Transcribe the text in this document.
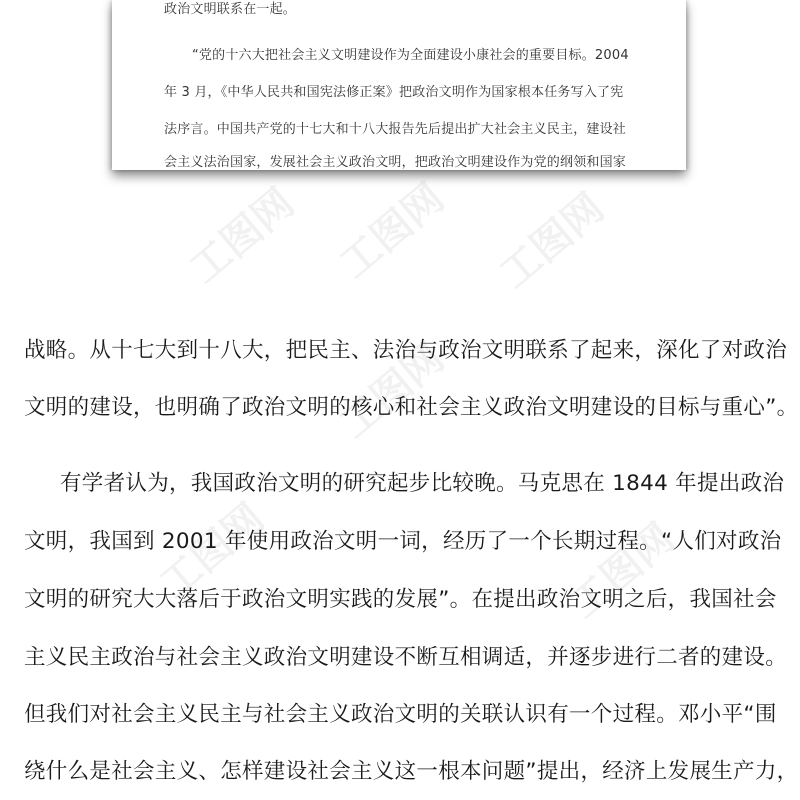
工图网 工图网 工图网
工图网
工图网	工图网
政治文明联系在一起。
“党的十六大把社会主义文明建设作为全面建设小康社会的重要目标。2004
年 3 月，《中华人民共和国宪法修正案》把政治文明作为国家根本任务写入了宪
法序言。中国共产党的十七大和十八大报告先后提出扩大社会主义民主，建设社
会主义法治国家，发展社会主义政治文明，把政治文明建设作为党的纲领和国家
战略。从十七大到十八大，把民主、法治与政治文明联系了起来，深化了对政治
文明的建设，也明确了政治文明的核心和社会主义政治文明建设的目标与重心”。
有学者认为，我国政治文明的研究起步比较晚。马克思在 1844 年提出政治
文明，我国到 2001 年使用政治文明一词，经历了一个长期过程。“人们对政治
文明的研究大大落后于政治文明实践的发展”。在提出政治文明之后，我国社会
主义民主政治与社会主义政治文明建设不断互相调适，并逐步进行二者的建设。
但我们对社会主义民主与社会主义政治文明的关联认识有一个过程。邓小平“围
绕什么是社会主义、怎样建设社会主义这一根本问题”提出，经济上发展生产力，
